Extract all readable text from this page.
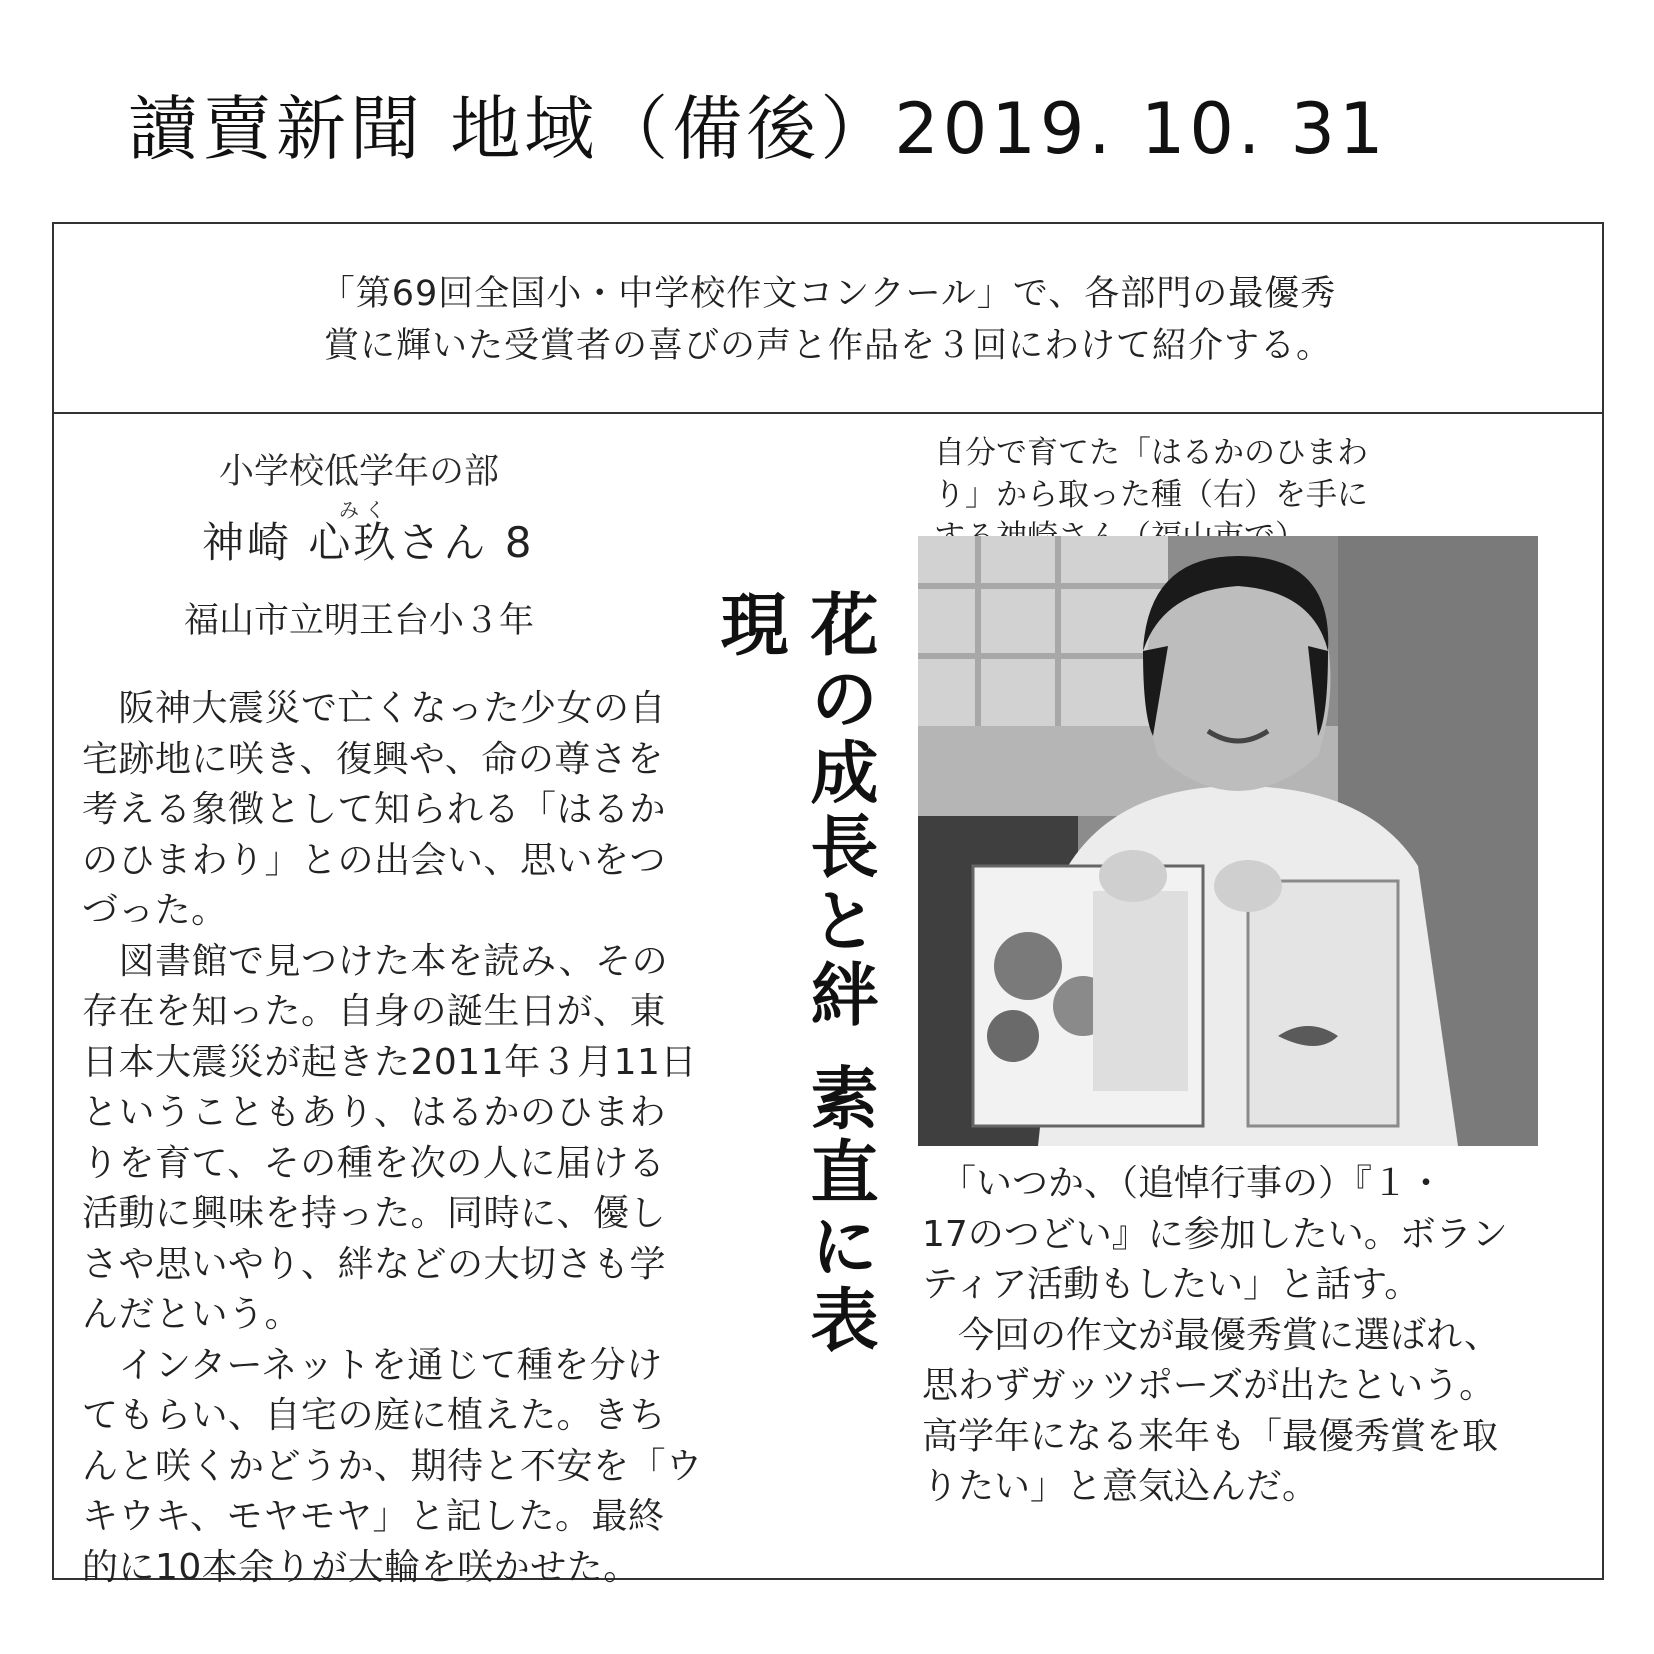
讀賣新聞 地域（備後）2019. 10. 31
「第69回全国小・中学校作文コンクール」で、各部門の最優秀
賞に輝いた受賞者の喜びの声と作品を３回にわけて紹介する。
小学校低学年の部
みく
神崎 心玖さん 8
福山市立明王台小３年
　阪神大震災で亡くなった少女の自
宅跡地に咲き、復興や、命の尊さを
考える象徴として知られる「はるか
のひまわり」との出会い、思いをつ
づった。
　図書館で見つけた本を読み、その
存在を知った。自身の誕生日が、東
日本大震災が起きた2011年３月11日
ということもあり、はるかのひまわ
りを育て、その種を次の人に届ける
活動に興味を持った。同時に、優し
さや思いやり、絆などの大切さも学
んだという。
　インターネットを通じて種を分け
てもらい、自宅の庭に植えた。きち
んと咲くかどうか、期待と不安を「ウ
キウキ、モヤモヤ」と記した。最終
的に10本余りが大輪を咲かせた。
花の成長と絆 素直に表現
自分で育てた「はるかのひまわ
り」から取った種（右）を手に
　「いつか、（追悼行事の）『１・
17のつどい』に参加したい。ボラン
ティア活動もしたい」と話す。
　今回の作文が最優秀賞に選ばれ、
思わずガッツポーズが出たという。
高学年になる来年も「最優秀賞を取
りたい」と意気込んだ。
